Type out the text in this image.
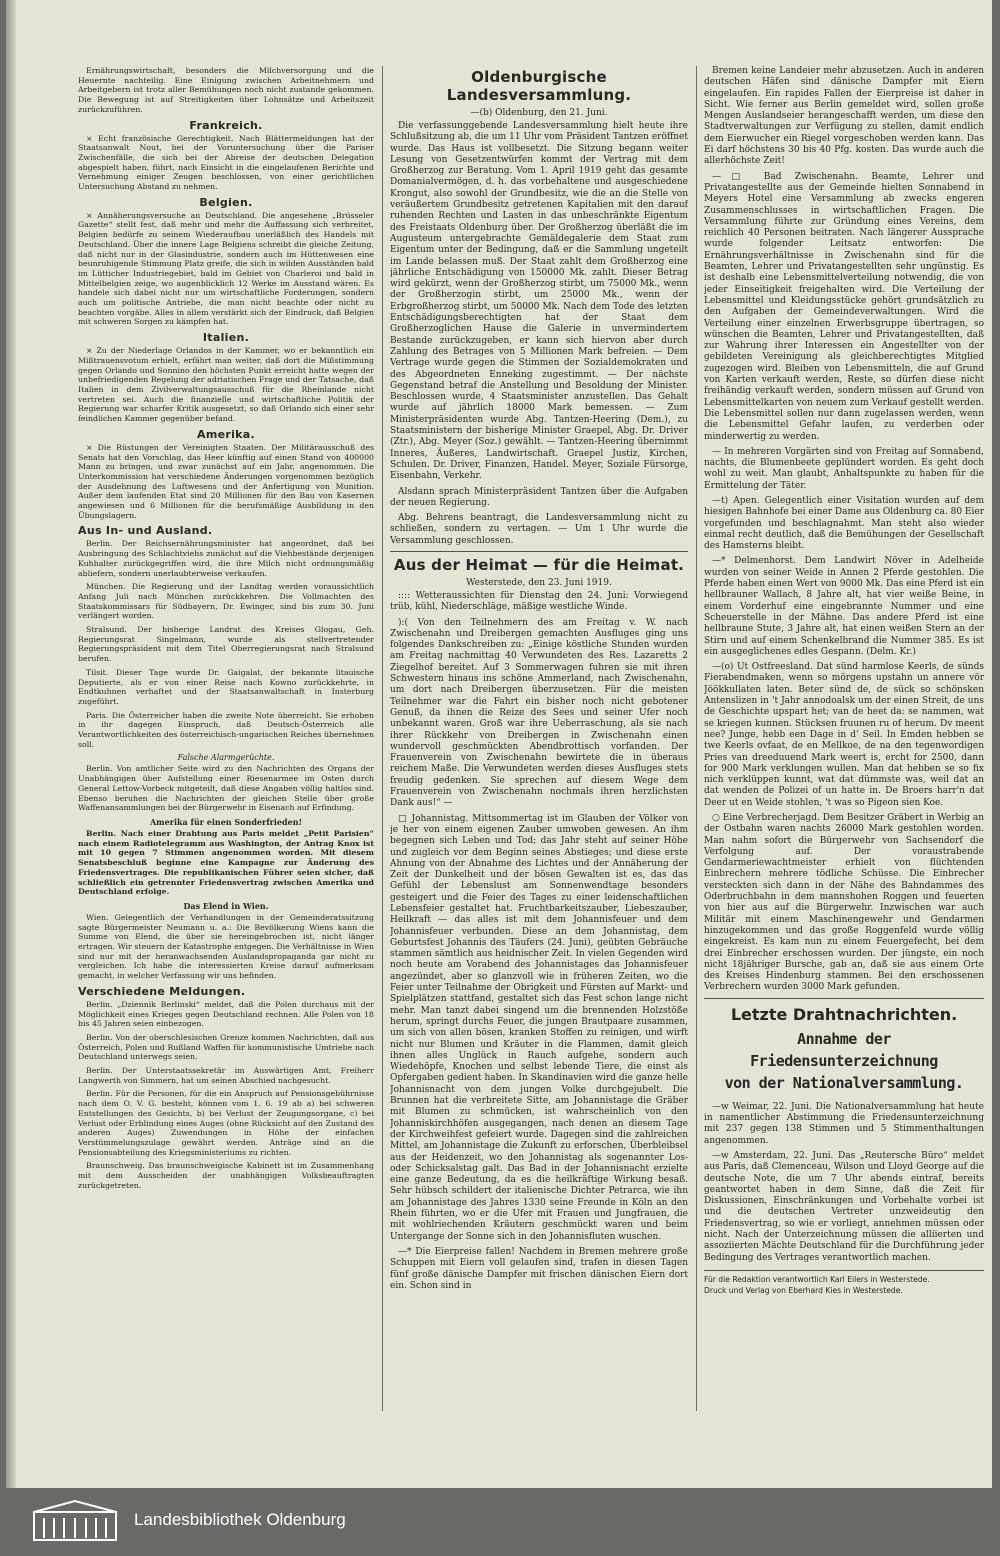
Ernährungswirtschaft, besonders die Milchversorgung und die Heuernte nachteilig. Eine Einigung zwischen Arbeitnehmern und Arbeitgebern ist trotz aller Bemühungen noch nicht zustande gekommen. Die Bewegung ist auf Streitigkeiten über Lohnsätze und Arbeitszeit zurückzuführen.

Frankreich.

× Echt französische Gerechtigkeit. Nach Blättermeldungen hat der Staatsanwalt Nout, bei der Voruntersuchung über die Pariser Zwischenfälle, die sich bei der Abreise der deutschen Delegation abgespielt haben, führt, nach Einsicht in die eingelaufenen Berichte und Vernehmung einiger Zeugen beschlossen, von einer gerichtlichen Untersuchung Abstand zu nehmen.

Belgien.

× Annäherungsversuche an Deutschland. Die angesehene „Brüsseler Gazette“ stellt fest, daß mehr und mehr die Auffassung sich verbreitet, Belgien bedürfe zu seinem Wiederaufbau unerläßlich des Handels mit Deutschland. Über die innere Lage Belgiens schreibt die gleiche Zeitung, daß nicht nur in der Glasindustrie, sondern auch im Hüttenwesen eine beunruhigende Stimmung Platz greife, die sich in wilden Ausständen bald im Lütticher Industriegebiet, bald im Gebiet von Charleroi und bald in Mittelbelgien zeige, wo augenblicklich 12 Werke im Ausstand wären. Es handele sich dabei nicht nur um wirtschaftliche Forderungen, sondern auch um politische Antriebe, die man nicht beachte oder nicht zu beachten vorgäbe. Alles in allem verstärkt sich der Eindruck, daß Belgien mit schweren Sorgen zu kämpfen hat.

Italien.

× Zu der Niederlage Orlandos in der Kammer, wo er bekanntlich ein Mißtrauensvotum erhielt, erfährt man weiter, daß dort die Mißstimmung gegen Orlando und Sonnino den höchsten Punkt erreicht hatte wegen der unbefriedigenden Regelung der adriatischen Frage und der Tatsache, daß Italien in dem Zivilverwaltungsausschuß für die Rheinlande nicht vertreten sei. Auch die finanzielle und wirtschaftliche Politik der Regierung war scharfer Kritik ausgesetzt, so daß Orlando sich einer sehr feindlichen Kammer gegenüber befand.

Amerika.

× Die Rüstungen der Vereinigten Staaten. Der Militärausschuß des Senats hat den Vorschlag, das Heer künftig auf einen Stand von 400000 Mann zu bringen, und zwar zunächst auf ein Jahr, angenommen. Die Unterkommission hat verschiedene Änderungen vorgenommen bezüglich der Ausdehnung des Luftwesens und der Anfertigung von Munition. Außer dem laufenden Etat sind 20 Millionen für den Bau von Kasernen angewiesen und 6 Millionen für die berufsmäßige Ausbildung in den Übungslagern.

Aus In- und Ausland.

Berlin. Der Reichsernährungsminister hat angeordnet, daß bei Ausbringung des Schlachtviehs zunächst auf die Viehbestände derjenigen Kuhhalter zurückgegriffen wird, die ihre Milch nicht ordnungsmäßig abliefern, sondern unerlaubterweise verkaufen.

München. Die Regierung und der Landtag werden voraussichtlich Anfang Juli nach München zurückkehren. Die Vollmachten des Staatskommissars für Südbayern, Dr. Ewinger, sind bis zum 30. Juni verlängert worden.

Stralsund. Der bisherige Landrat des Kreises Glogau, Geh. Regierungsrat Singelmann, wurde als stellvertretender Regierungspräsident mit dem Titel Oberregierungsrat nach Stralsund berufen.

Tilsit. Dieser Tage wurde Dr. Gaigalat, der bekannte litauische Deputierte, als er von einer Reise nach Kowno zurückkehrte, in Endtkuhnen verhaftet und der Staatsanwaltschaft in Insterburg zugeführt.

Paris. Die Österreicher haben die zweite Note überreicht. Sie erhoben in ihr dagegen Einspruch, daß Deutsch-Österreich alle Verantwortlichkeiten des österreichisch-ungarischen Reiches übernehmen soll.

Falsche Alarmgerüchte.

Berlin. Von amtlicher Seite wird zu den Nachrichten des Organs der Unabhängigen über Aufstellung einer Riesenarmee im Osten durch General Lettow-Vorbeck mitgeteilt, daß diese Angaben völlig haltlos sind. Ebenso beruhen die Nachrichten der gleichen Stelle über große Waffenansammlungen bei der Bürgerwehr in Eisenach auf Erfindung.

Amerika für einen Sonderfrieden!

Berlin. Nach einer Drahtung aus Paris meldet „Petit Parisien“ nach einem Radiotelegramm aus Washington, der Antrag Knox ist mit 10 gegen 7 Stimmen angenommen worden. Mit diesem Senatsbeschluß beginne eine Kampagne zur Änderung des Friedensvertrages. Die republikanischen Führer seien sicher, daß schließlich ein getrennter Friedensvertrag zwischen Amerika und Deutschland erfolge.

Das Elend in Wien.

Wien. Gelegentlich der Verhandlungen in der Gemeinderatssitzung sagte Bürgermeister Neumann u. a.: Die Bevölkerung Wiens kann die Summe von Elend, die über sie hereingebrochen ist, nicht länger ertragen. Wir steuern der Katastrophe entgegen. Die Verhältnisse in Wien sind nur mit der heranwachsenden Auslandspropaganda gar nicht zu vergleichen. Ich habe die interessierten Kreise darauf aufmerksam gemacht, in welcher Verfassung wir uns befinden.

Verschiedene Meldungen.

Berlin. „Dziennik Berlinski“ meldet, daß die Polen durchaus mit der Möglichkeit eines Krieges gegen Deutschland rechnen. Alle Polen von 18 bis 45 Jahren seien einbezogen.

Berlin. Von der oberschlesischen Grenze kommen Nachrichten, daß aus Österreich, Polen und Rußland Waffen für kommunistische Umtriebe nach Deutschland unterwegs seien.

Berlin. Der Unterstaatssekretär im Auswärtigen Amt, Freiherr Langwerth von Simmern, hat um seinen Abschied nachgesucht.

Berlin. Für die Personen, für die ein Anspruch auf Pensionsgebührnisse nach dem O. V. G. besteht, können vom 1. 6. 19 ab a) bei schweren Entstellungen des Gesichts, b) bei Verlust der Zeugungsorgane, c) bei Verlust oder Erblindung eines Auges (ohne Rücksicht auf den Zustand des anderen Auges) Zuwendungen in Höhe der einfachen Verstümmelungszulage gewährt werden. Anträge sind an die Pensionsabteilung des Kriegsministeriums zu richten.

Braunschweig. Das braunschweigische Kabinett ist im Zusammenhang mit dem Ausscheiden der unabhängigen Volksbeauftragten zurückgetreten.

Oldenburgische Landesversammlung.
—(b) Oldenburg, den 21. Juni.

Die verfassunggebende Landesversammlung hielt heute ihre Schlußsitzung ab, die um 11 Uhr vom Präsident Tantzen eröffnet wurde. Das Haus ist vollbesetzt. Die Sitzung begann weiter Lesung von Gesetzentwürfen kommt der Vertrag mit dem Großherzog zur Beratung. Vom 1. April 1919 geht das gesamte Domanialvermögen, d. h. das vorbehaltene und ausgeschiedene Krongut, also sowohl der Grundbesitz, wie die an die Stelle von veräußertem Grundbesitz getretenen Kapitalien mit den darauf ruhenden Rechten und Lasten in das unbeschränkte Eigentum des Freistaats Oldenburg über. Der Großherzog überläßt die im Augusteum untergebrachte Gemäldegalerie dem Staat zum Eigentum unter der Bedingung, daß er die Sammlung ungeteilt im Lande belassen muß. Der Staat zahlt dem Großherzog eine jährliche Entschädigung von 150000 Mk. zahlt. Dieser Betrag wird gekürzt, wenn der Großherzog stirbt, um 75000 Mk., wenn der Großherzogin stirbt, um 25000 Mk., wenn der Erbgroßherzog stirbt, um 50000 Mk. Nach dem Tode des letzten Entschädigungsberechtigten hat der Staat dem Großherzoglichen Hause die Galerie in unvermindertem Bestande zurückzugeben, er kann sich hiervon aber durch Zahlung des Betrages von 5 Millionen Mark befreien. — Dem Vertrage wurde gegen die Stimmen der Sozialdemokraten und des Abgeordneten Enneking zugestimmt. — Der nächste Gegenstand betraf die Anstellung und Besoldung der Minister. Beschlossen wurde, 4 Staatsminister anzustellen. Das Gehalt wurde auf jährlich 18000 Mark bemessen. — Zum Ministerpräsidenten wurde Abg. Tantzen-Heering (Dem.), zu Staatsministern der bisherige Minister Graepel, Abg. Dr. Driver (Ztr.), Abg. Meyer (Soz.) gewählt. — Tantzen-Heering übernimmt Inneres, Äußeres, Landwirtschaft. Graepel Justiz, Kirchen, Schulen. Dr. Driver, Finanzen, Handel. Meyer, Soziale Fürsorge, Eisenbahn, Verkehr.

Alsdann sprach Ministerpräsident Tantzen über die Aufgaben der neuen Regierung.

Abg. Behrens beantragt, die Landesversammlung nicht zu schließen, sondern zu vertagen. — Um 1 Uhr wurde die Versammlung geschlossen.

Aus der Heimat — für die Heimat.
Westerstede, den 23. Juni 1919.

:::: Wetteraussichten für Dienstag den 24. Juni: Vorwiegend trüb, kühl, Niederschläge, mäßige westliche Winde.

):( Von den Teilnehmern des am Freitag v. W. nach Zwischenahn und Dreibergen gemachten Ausfluges ging uns folgendes Dankschreiben zu: „Einige köstliche Stunden wurden am Freitag nachmittag 40 Verwundeten des Res. Lazaretts 2 Ziegelhof bereitet. Auf 3 Sommerwagen fuhren sie mit ihren Schwestern hinaus ins schöne Ammerland, nach Zwischenahn, um dort nach Dreibergen überzusetzen. Für die meisten Teilnehmer war die Fahrt ein bisher noch nicht gebotener Genuß, da ihnen die Reize des Sees und seiner Ufer noch unbekannt waren. Groß war ihre Ueberraschung, als sie nach ihrer Rückkehr von Dreibergen in Zwischenahn einen wundervoll geschmückten Abendbrottisch vorfanden. Der Frauenverein von Zwischenahn bewirtete die in überaus reichem Maße. Die Verwundeten werden dieses Ausfluges stets freudig gedenken. Sie sprechen auf diesem Wege dem Frauenverein von Zwischenahn nochmals ihren herzlichsten Dank aus!“ —

□ Johannistag. Mittsommertag ist im Glauben der Völker von je her von einem eigenen Zauber umwoben gewesen. An ihm begegnen sich Leben und Tod; das Jahr steht auf seiner Höhe und zugleich vor dem Beginn seines Abstieges; und diese erste Ahnung von der Abnahme des Lichtes und der Annäherung der Zeit der Dunkelheit und der bösen Gewalten ist es, das das Gefühl der Lebenslust am Sonnenwendtage besonders gesteigert und die Feier des Tages zu einer leidenschaftlichen Lebensfeier gestaltet hat. Fruchtbarkeitszauber, Liebeszauber, Heilkraft — das alles ist mit dem Johannisfeuer und dem Johannisfeuer verbunden. Diese an dem Johannistag, dem Geburtsfest Johannis des Täufers (24. Juni), geübten Gebräuche stammen sämtlich aus heidnischer Zeit. In vielen Gegenden wird noch heute am Vorabend des Johannistages das Johannisfeuer angezündet, aber so glanzvoll wie in früheren Zeiten, wo die Feier unter Teilnahme der Obrigkeit und Fürsten auf Markt- und Spielplätzen stattfand, gestaltet sich das Fest schon lange nicht mehr. Man tanzt dabei singend um die brennenden Holzstöße herum, springt durchs Feuer, die jungen Brautpaare zusammen, um sich von allen bösen, kranken Stoffen zu reinigen, und wirft nicht nur Blumen und Kräuter in die Flammen, damit gleich ihnen alles Unglück in Rauch aufgehe, sondern auch Wiedehöpfe, Knochen und selbst lebende Tiere, die einst als Opfergaben gedient haben. In Skandinavien wird die ganze helle Johannisnacht von dem jungen Volke durchgejubelt. Die Brunnen hat die verbreitete Sitte, am Johannistage die Gräber mit Blumen zu schmücken, ist wahrscheinlich von den Johanniskirchhöfen ausgegangen, nach denen an diesem Tage der Kirchweihfest gefeiert wurde. Dagegen sind die zahlreichen Mittel, am Johannistage die Zukunft zu erforschen, Überbleibsel aus der Heidenzeit, wo den Johannistag als sogenannter Los- oder Schicksalstag galt. Das Bad in der Johannisnacht erzielte eine ganze Bedeutung, da es die heilkräftige Wirkung besaß. Sehr hübsch schildert der italienische Dichter Petrarca, wie ihn am Johannistage des Jahres 1330 seine Freunde in Köln an den Rhein führten, wo er die Ufer mit Frauen und Jungfrauen, die mit wohlriechenden Kräutern geschmückt waren und beim Untergange der Sonne sich in den Johannisfluten wuschen.

—* Die Eierpreise fallen! Nachdem in Bremen mehrere große Schuppen mit Eiern voll gelaufen sind, trafen in diesen Tagen fünf große dänische Dampfer mit frischen dänischen Eiern dort ein. Schon sind in

Bremen keine Landeier mehr abzusetzen. Auch in anderen deutschen Häfen sind dänische Dampfer mit Eiern eingelaufen. Ein rapides Fallen der Eierpreise ist daher in Sicht. Wie ferner aus Berlin gemeldet wird, sollen große Mengen Auslandseier herangeschafft werden, um diese den Stadtverwaltungen zur Verfügung zu stellen, damit endlich dem Eierwucher ein Riegel vorgeschoben werden kann. Das Ei darf höchstens 30 bis 40 Pfg. kosten. Das wurde auch die allerhöchste Zeit!

—□ Bad Zwischenahn. Beamte, Lehrer und Privatangestellte aus der Gemeinde hielten Sonnabend in Meyers Hotel eine Versammlung ab zwecks engeren Zusammenschlusses in wirtschaftlichen Fragen. Die Versammlung führte zur Gründung eines Vereins, dem reichlich 40 Personen beitraten. Nach längerer Aussprache wurde folgender Leitsatz entworfen: Die Ernährungsverhältnisse in Zwischenahn sind für die Beamten, Lehrer und Privatangestellten sehr ungünstig. Es ist deshalb eine Lebensmittelverteilung notwendig, die von jeder Einseitigkeit freigehalten wird. Die Verteilung der Lebensmittel und Kleidungsstücke gehört grundsätzlich zu den Aufgaben der Gemeindeverwaltungen. Wird die Verteilung einer einzelnen Erwerbsgruppe übertragen, so wünschen die Beamten, Lehrer und Privatangestellten, daß zur Wahrung ihrer Interessen ein Angestellter von der gebildeten Vereinigung als gleichberechtigtes Mitglied zugezogen wird. Bleiben von Lebensmitteln, die auf Grund von Karten verkauft werden, Reste, so dürfen diese nicht freihändig verkauft werden, sondern müssen auf Grund von Lebensmittelkarten von neuem zum Verkauf gestellt werden. Die Lebensmittel sollen nur dann zugelassen werden, wenn die Lebensmittel Gefahr laufen, zu verderben oder minderwertig zu werden.

— In mehreren Vorgärten sind von Freitag auf Sonnabend, nachts, die Blumenbeete geplündert worden. Es geht doch wohl zu weit. Man glaubt, Anhaltspunkte zu haben für die Ermittelung der Täter.

—t) Apen. Gelegentlich einer Visitation wurden auf dem hiesigen Bahnhofe bei einer Dame aus Oldenburg ca. 80 Eier vorgefunden und beschlagnahmt. Man steht also wieder einmal recht deutlich, daß die Bemühungen der Gesellschaft des Hamsterns bleibt.

—* Delmenhorst. Dem Landwirt Növer in Adelheide wurden von seiner Weide in Annen 2 Pferde gestohlen. Die Pferde haben einen Wert von 9000 Mk. Das eine Pferd ist ein hellbrauner Wallach, 8 Jahre alt, hat vier weiße Beine, in einem Vorderhuf eine eingebrannte Nummer und eine Scheuerstelle in der Mähne. Das andere Pferd ist eine hellbraune Stute, 3 Jahre alt, hat einen weißen Stern an der Stirn und auf einem Schenkelbrand die Nummer 385. Es ist ein ausgeglichenes edles Gespann. (Delm. Kr.)

—(o) Ut Ostfreesland. Dat sünd harmlose Keerls, de sünds Fierabendmaken, wenn so mörgens upstahn un annere vör Jöökkullaten laten. Beter sünd de, de sück so schönsken Antenslizen in 't Jahr annodoalsk um der einen Streit, de uns de Geschichte upspart het; van de heet da: se nammen, wat se kriegen kunnen. Stücksen fruunen ru of herum. Dv meent nee? Junge, hebb een Dage in d' Seil. In Emden hebben se twe Keerls ovfaat, de en Mellkoe, de na den tegenwordigen Pries van dreeduuend Mark weert is, ercht for 2500, dann for 900 Mark verklungen wullen. Man dat hebben se so fix nich verklüppen kunnt, wat dat dümmste was, weil dat an dat wenden de Polizei of un hatte in. De Broers harr'n dat Deer ut en Weide stohlen, 't was so Pigeon sien Koe.

○ Eine Verbrecherjagd. Dem Besitzer Gräbert in Werbig an der Ostbahn waren nachts 26000 Mark gestohlen worden. Man nahm sofort die Bürgerwehr von Sachsendorf die Verfolgung auf. Der voraustrabende Gendarmeriewachtmeister erhielt von flüchtenden Einbrechern mehrere tödliche Schüsse. Die Einbrecher versteckten sich dann in der Nähe des Bahndammes des Oderbruchbahn in dem mannshohen Roggen und feuerten von hier aus auf die Bürgerwehr. Inzwischen war auch Militär mit einem Maschinengewehr und Gendarmen hinzugekommen und das große Roggenfeld wurde völlig eingekreist. Es kam nun zu einem Feuergefecht, bei dem drei Einbrecher erschossen wurden. Der jüngste, ein noch nicht 18jähriger Bursche, gab an, daß sie aus einem Orte des Kreises Hindenburg stammen. Bei den erschossenen Verbrechern wurden 3000 Mark gefunden.

Letzte Drahtnachrichten.
Annahme der Friedensunterzeichnung
von der Nationalversammlung.

—w Weimar, 22. Juni. Die Nationalversammlung hat heute in namentlicher Abstimmung die Friedensunterzeichnung mit 237 gegen 138 Stimmen und 5 Stimmenthaltungen angenommen.

—w Amsterdam, 22. Juni. Das „Reutersche Büro“ meldet aus Paris, daß Clemenceau, Wilson und Lloyd George auf die deutsche Note, die um 7 Uhr abends eintraf, bereits geantwortet haben in dem Sinne, daß die Zeit für Diskussionen, Einschränkungen und Vorbehalte vorbei ist und die deutschen Vertreter unzweideutig den Friedensvertrag, so wie er vorliegt, annehmen müssen oder nicht. Nach der Unterzeichnung müssen die alliierten und assoziierten Mächte Deutschland für die Durchführung jeder Bedingung des Vertrages verantwortlich machen.

Für die Redaktion verantwortlich Karl Eilers in Westerstede.
Druck und Verlag von Eberhard Kies in Westerstede.
Landesbibliothek Oldenburg
